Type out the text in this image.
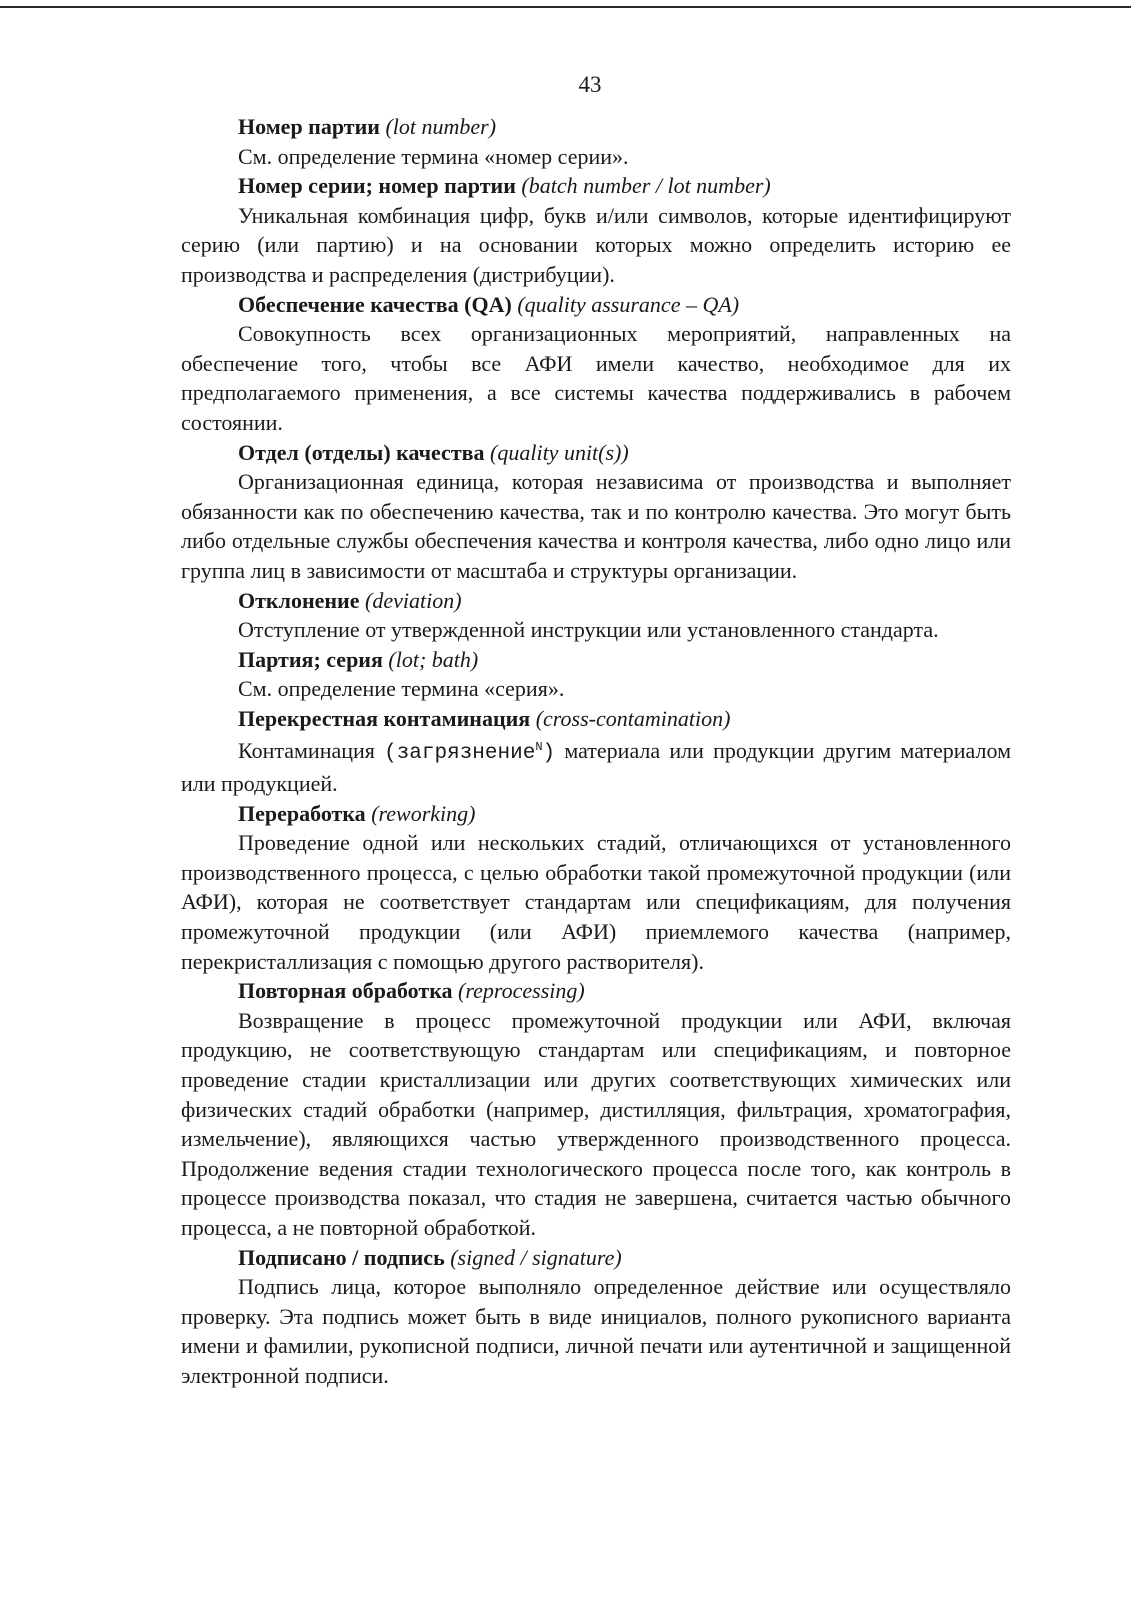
43

Номер партии (lot number)

См. определение термина «номер серии».

Номер серии; номер партии (batch number / lot number)

Уникальная комбинация цифр, букв и/или символов, которые идентифицируют серию (или партию) и на основании которых можно определить историю ее производства и распределения (дистрибуции).

Обеспечение качества (QA) (quality assurance – QA)

Совокупность всех организационных мероприятий, направленных на обеспечение того, чтобы все АФИ имели качество, необходимое для их предполагаемого применения, а все системы качества поддерживались в рабочем состоянии.

Отдел (отделы) качества (quality unit(s))

Организационная единица, которая независима от производства и выполняет обязанности как по обеспечению качества, так и по контролю качества. Это могут быть либо отдельные службы обеспечения качества и контроля качества, либо одно лицо или группа лиц в зависимости от масштаба и структуры организации.

Отклонение (deviation)

Отступление от утвержденной инструкции или установленного стандарта.

Партия; серия (lot; bath)

См. определение термина «серия».

Перекрестная контаминация (cross-contamination)

Контаминация (загрязнение$^N$) материала или продукции другим материалом или продукцией.

Переработка (reworking)

Проведение одной или нескольких стадий, отличающихся от установленного производственного процесса, с целью обработки такой промежуточной продукции (или АФИ), которая не соответствует стандартам или спецификациям, для получения промежуточной продукции (или АФИ) приемлемого качества (например, перекристаллизация с помощью другого растворителя).

Повторная обработка (reprocessing)

Возвращение в процесс промежуточной продукции или АФИ, включая продукцию, не соответствующую стандартам или спецификациям, и повторное проведение стадии кристаллизации или других соответствующих химических или физических стадий обработки (например, дистилляция, фильтрация, хроматография, измельчение), являющихся частью утвержденного производственного процесса. Продолжение ведения стадии технологического процесса после того, как контроль в процессе производства показал, что стадия не завершена, считается частью обычного процесса, а не повторной обработкой.

Подписано / подпись (signed / signature)

Подпись лица, которое выполняло определенное действие или осуществляло проверку. Эта подпись может быть в виде инициалов, полного рукописного варианта имени и фамилии, рукописной подписи, личной печати или аутентичной и защищенной электронной подписи.
